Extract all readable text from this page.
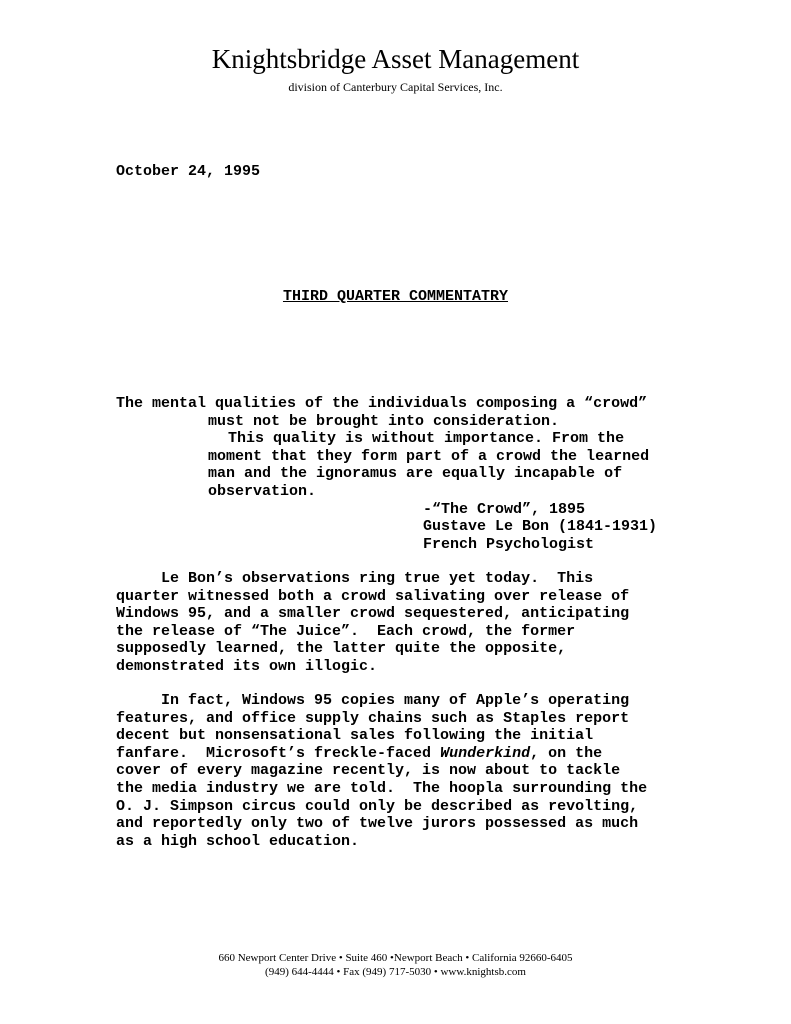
Knightsbridge Asset Management
division of Canterbury Capital Services, Inc.
October 24, 1995
THIRD QUARTER COMMENTATRY
The mental qualities of the individuals composing a “crowd”
must not be brought into consideration.
This quality is without importance. From the
moment that they form part of a crowd the learned
man and the ignoramus are equally incapable of
observation.
-“The Crowd”, 1895
Gustave Le Bon (1841-1931)
French Psychologist
Le Bon’s observations ring true yet today.  This
quarter witnessed both a crowd salivating over release of
Windows 95, and a smaller crowd sequestered, anticipating
the release of “The Juice”.  Each crowd, the former
supposedly learned, the latter quite the opposite,
demonstrated its own illogic.
In fact, Windows 95 copies many of Apple’s operating
features, and office supply chains such as Staples report
decent but nonsensational sales following the initial
fanfare.  Microsoft’s freckle-faced Wunderkind, on the
cover of every magazine recently, is now about to tackle
the media industry we are told.  The hoopla surrounding the
O. J. Simpson circus could only be described as revolting,
and reportedly only two of twelve jurors possessed as much
as a high school education.
660 Newport Center Drive • Suite 460 •Newport Beach • California 92660-6405
(949) 644-4444 • Fax (949) 717-5030 • www.knightsb.com
